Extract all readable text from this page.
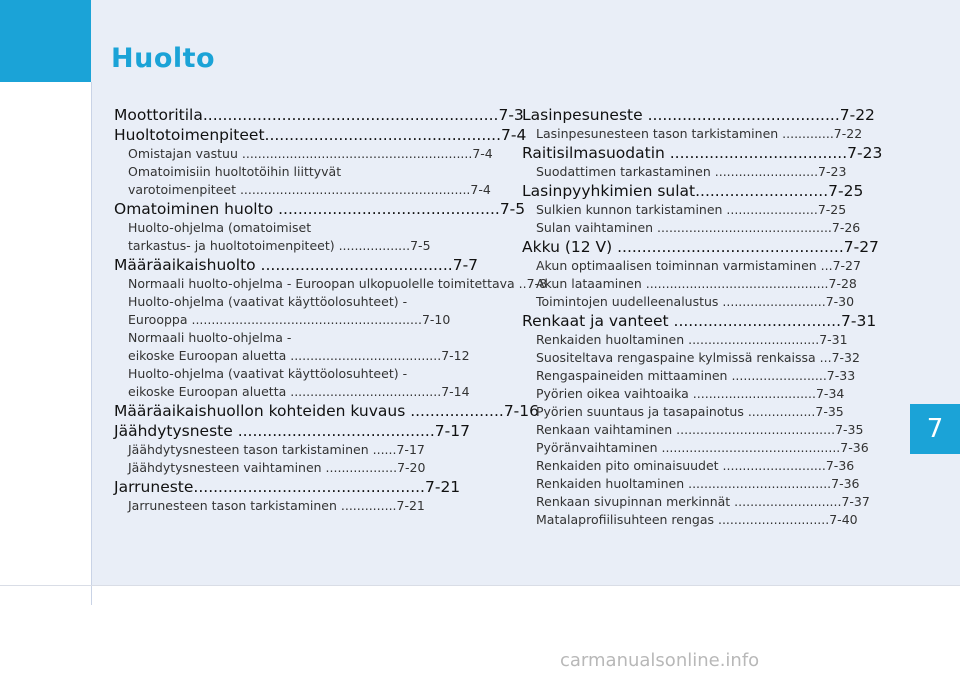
Huolto
Moottoritila............................................................7-3
Huoltotoimenpiteet................................................7-4
Omistajan vastuu ..........................................................7-4
Omatoimisiin huoltotöihin liittyvät
varotoimenpiteet ..........................................................7-4
Omatoiminen huolto .............................................7-5
Huolto-ohjelma (omatoimiset
tarkastus- ja huoltotoimenpiteet) ..................7-5
Määräaikaishuolto .......................................7-7
Normaali huolto-ohjelma - Euroopan ulkopuolelle toimitettava ..7-8
Huolto-ohjelma (vaativat käyttöolosuhteet) -
Eurooppa ..........................................................7-10
Normaali huolto-ohjelma -
eikoske Euroopan aluetta ......................................7-12
Huolto-ohjelma (vaativat käyttöolosuhteet) -
eikoske Euroopan aluetta ......................................7-14
Määräaikaishuollon kohteiden kuvaus ...................7-16
Jäähdytysneste ........................................7-17
Jäähdytysnesteen tason tarkistaminen ......7-17
Jäähdytysnesteen vaihtaminen ..................7-20
Jarruneste...............................................7-21
Jarrunesteen tason tarkistaminen ..............7-21
Lasinpesuneste .......................................7-22
Lasinpesunesteen tason tarkistaminen .............7-22
Raitisilmasuodatin ....................................7-23
Suodattimen tarkastaminen ..........................7-23
Lasinpyyhkimien sulat...........................7-25
Sulkien kunnon tarkistaminen .......................7-25
Sulan vaihtaminen ............................................7-26
Akku (12 V) ..............................................7-27
Akun optimaalisen toiminnan varmistaminen ...7-27
Akun lataaminen ..............................................7-28
Toimintojen uudelleenalustus ..........................7-30
Renkaat ja vanteet ..................................7-31
Renkaiden huoltaminen .................................7-31
Suositeltava rengaspaine kylmissä renkaissa ...7-32
Rengaspaineiden mittaaminen ........................7-33
Pyörien oikea vaihtoaika ...............................7-34
Pyörien suuntaus ja tasapainotus .................7-35
Renkaan vaihtaminen ........................................7-35
Pyöränvaihtaminen .............................................7-36
Renkaiden pito ominaisuudet ..........................7-36
Renkaiden huoltaminen ....................................7-36
Renkaan sivupinnan merkinnät ...........................7-37
Matalaprofiilisuhteen rengas ............................7-40
7
carmanualsonline.info
